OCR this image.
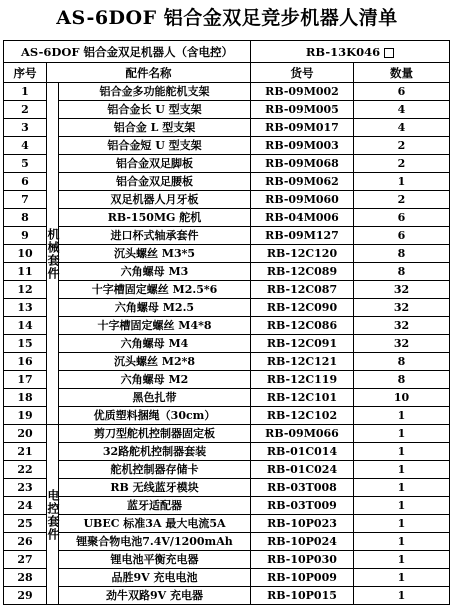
AS-6DOF 铝合金双足竞步机器人清单
AS-6DOF 铝合金双足机器人（含电控）			RB-13K046	
序号	配件名称		货号	数量
1	机械套件	铝合金多功能舵机支架	RB-09M002	6
2		铝合金长 U 型支架	RB-09M005	4
3		铝合金 L 型支架	RB-09M017	4
4		铝合金短 U 型支架	RB-09M003	2
5		铝合金双足脚板	RB-09M068	2
6		铝合金双足腰板	RB-09M062	1
7		双足机器人月牙板	RB-09M060	2
8		RB-150MG 舵机	RB-04M006	6
9		进口杯式轴承套件	RB-09M127	6
10		沉头螺丝 M3*5	RB-12C120	8
11		六角螺母 M3	RB-12C089	8
12		十字槽固定螺丝 M2.5*6	RB-12C087	32
13		六角螺母 M2.5	RB-12C090	32
14		十字槽固定螺丝 M4*8	RB-12C086	32
15		六角螺母 M4	RB-12C091	32
16		沉头螺丝 M2*8	RB-12C121	8
17		六角螺母 M2	RB-12C119	8
18		黑色扎带	RB-12C101	10
19		优质塑料捆绳（30cm）	RB-12C102	1
20	电控套件	剪刀型舵机控制器固定板	RB-09M066	1
21		32路舵机控制器套装	RB-01C014	1
22		舵机控制器存储卡	RB-01C024	1
23		RB 无线蓝牙模块	RB-03T008	1
24		蓝牙适配器	RB-03T009	1
25		UBEC 标准3A 最大电流5A	RB-10P023	1
26		锂聚合物电池7.4V/1200mAh	RB-10P024	1
27		锂电池平衡充电器	RB-10P030	1
28		品胜9V 充电电池	RB-10P009	1
29		劲牛双路9V 充电器	RB-10P015	1
